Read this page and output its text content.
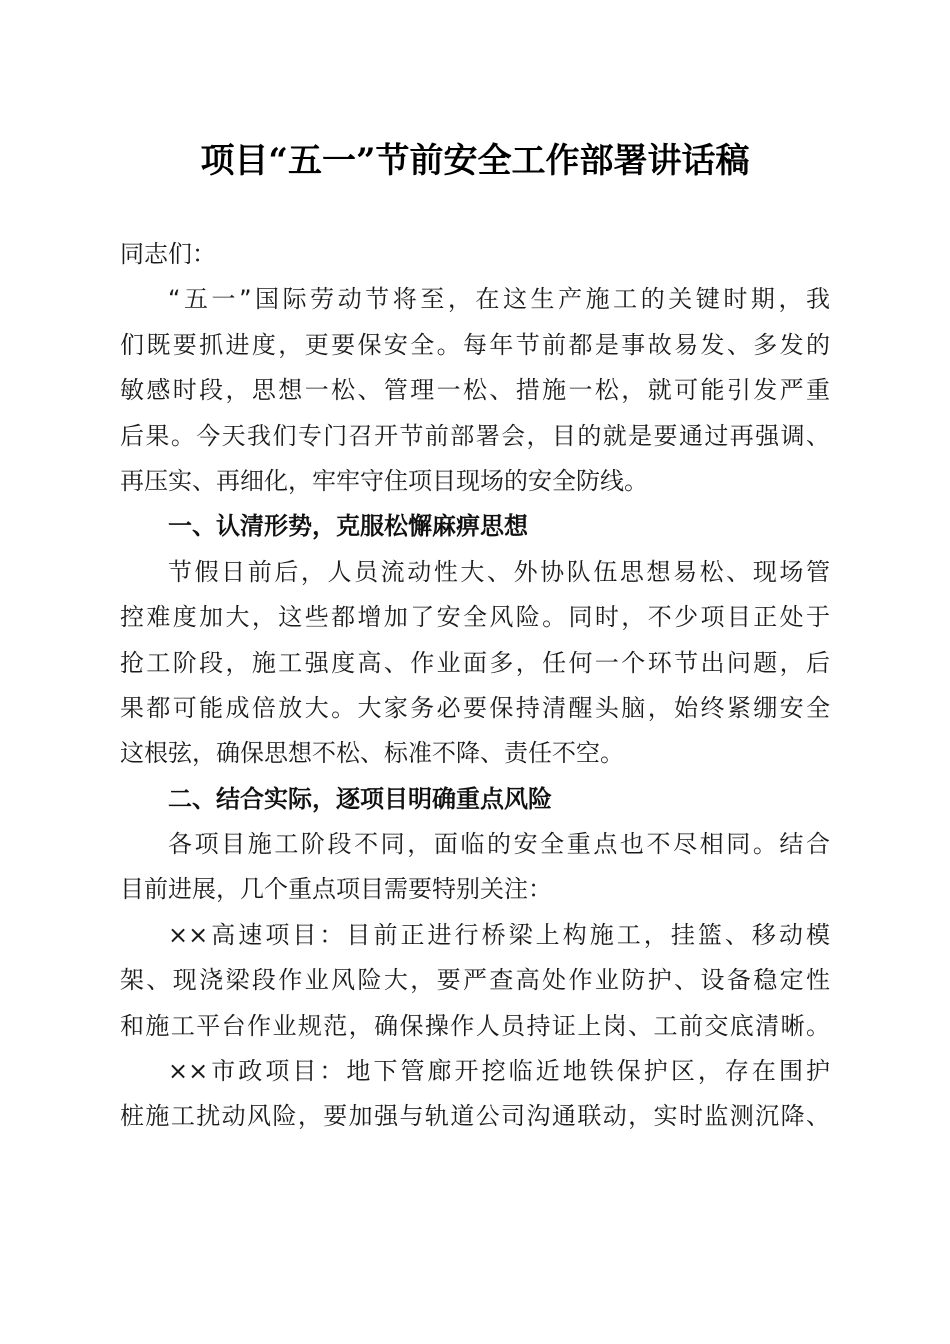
项目“五一”节前安全工作部署讲话稿
同志们：
“五一”国际劳动节将至，在这生产施工的关键时期，我
们既要抓进度，更要保安全。每年节前都是事故易发、多发的
敏感时段，思想一松、管理一松、措施一松，就可能引发严重
后果。今天我们专门召开节前部署会，目的就是要通过再强调、
再压实、再细化，牢牢守住项目现场的安全防线。
一、认清形势，克服松懈麻痹思想
节假日前后，人员流动性大、外协队伍思想易松、现场管
控难度加大，这些都增加了安全风险。同时，不少项目正处于
抢工阶段，施工强度高、作业面多，任何一个环节出问题，后
果都可能成倍放大。大家务必要保持清醒头脑，始终紧绷安全
这根弦，确保思想不松、标准不降、责任不空。
二、结合实际，逐项目明确重点风险
各项目施工阶段不同，面临的安全重点也不尽相同。结合
目前进展，几个重点项目需要特别关注：
××高速项目：目前正进行桥梁上构施工，挂篮、移动模
架、现浇梁段作业风险大，要严查高处作业防护、设备稳定性
和施工平台作业规范，确保操作人员持证上岗、工前交底清晰。
××市政项目：地下管廊开挖临近地铁保护区，存在围护
桩施工扰动风险，要加强与轨道公司沟通联动，实时监测沉降、
